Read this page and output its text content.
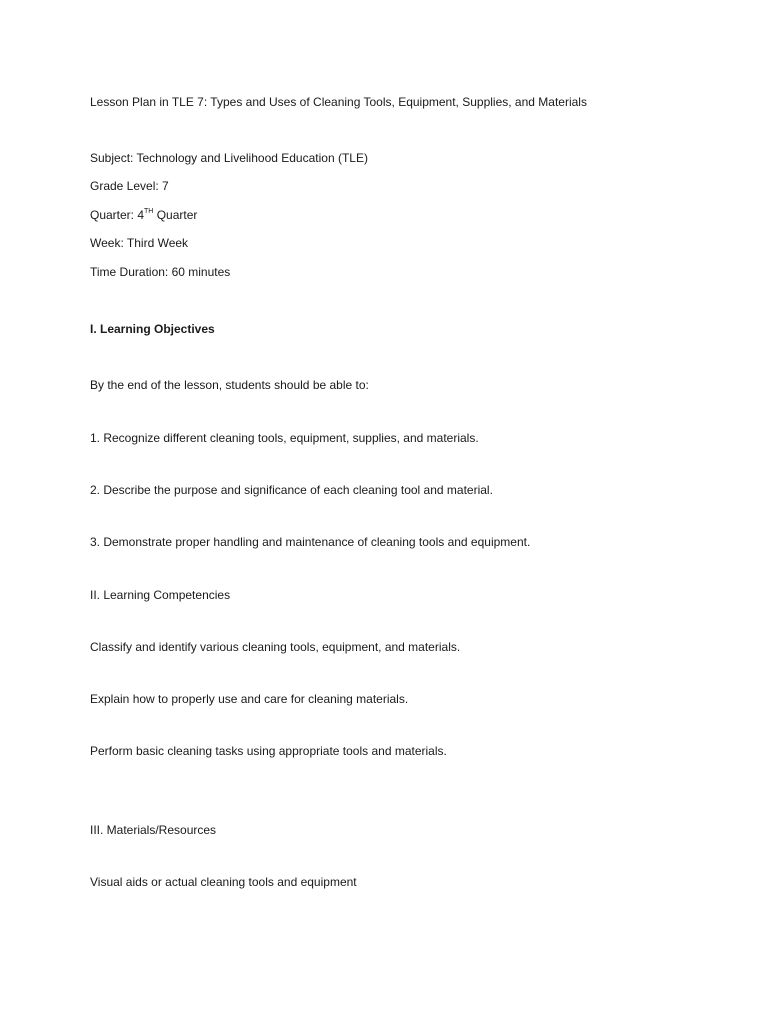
Lesson Plan in TLE 7: Types and Uses of Cleaning Tools, Equipment, Supplies, and Materials
Subject: Technology and Livelihood Education (TLE)
Grade Level: 7
Quarter: 4TH Quarter
Week: Third Week
Time Duration: 60 minutes
I. Learning Objectives
By the end of the lesson, students should be able to:
1. Recognize different cleaning tools, equipment, supplies, and materials.
2. Describe the purpose and significance of each cleaning tool and material.
3. Demonstrate proper handling and maintenance of cleaning tools and equipment.
II. Learning Competencies
Classify and identify various cleaning tools, equipment, and materials.
Explain how to properly use and care for cleaning materials.
Perform basic cleaning tasks using appropriate tools and materials.
III. Materials/Resources
Visual aids or actual cleaning tools and equipment
